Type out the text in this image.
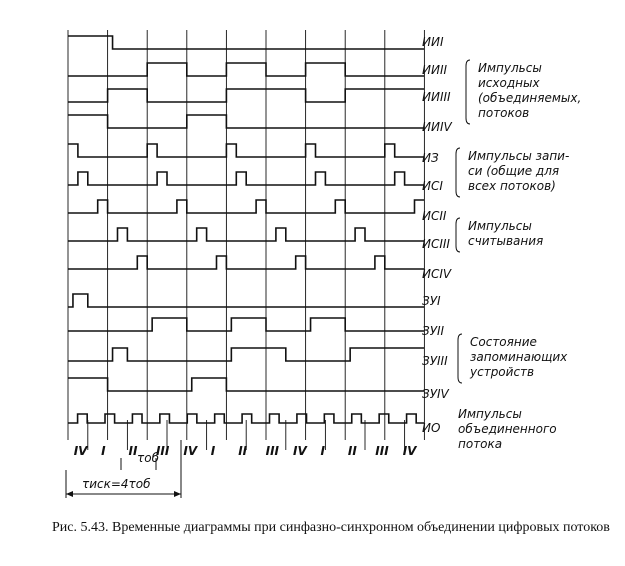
ИИI
ИИII
ИИIII
ИИIV
ИЗ
ИСI
ИСII
ИСIII
ИСIV
ЗУI
ЗУII
ЗУIII
ЗУIV
ИО
Импульсы
исходных
(объединяемых,
потоков
Импульсы запи-
си (общие для
всех потоков)
Импульсы
считывания
Состояние
запоминающих
устройств
Импульсы
объединенного
потока
IV I II III IV I II III IV I II III IV
τоб
τиск=4τоб

Рис. 5.43. Временные диаграммы при синфазно-синхронном объединении цифровых потоков
